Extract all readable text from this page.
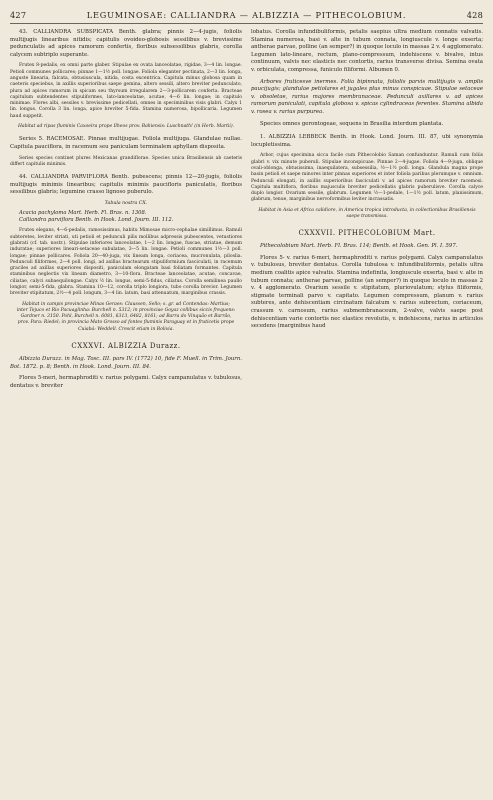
427	LEGUMINOSAE: CALLIANDRA — ALBIZZIA — PITHECOLOBIUM.	428

43. CALLIANDRA SUBSPICATA Benth. glabra; pinnis 2—4-jugis, foliolis multijugis linearibus nitidis; capitulis ovoideo-globosis sessilibus v. brevissime pedunculatis ad apices ramorum confertis, floribus subsessilibus glabris, corolla calycem subtriplo superante.

Frutex 8-pedalis, ex omni parte glaber. Stipulae ex ovata lanceolatae, rigidae, 3—4 lin. longae. Petioli communes pollicares; pinnae 1—1½ poll. longae. Foliola eleganter pectinata, 2—3 lin. longa, anguste linearia, falcata, obtusiuscula, nitida, costa excentrica. Capitula minus globosa quam in caeteris speciebus, in axillis superioribus saepe gemina, altero sessili, altero breviter pedunculato, plura ad apices ramorum in spicam seu thyrsum irregularem 2—3-pollicarem conferta. Bracteae capitulum subtendentes stipuliformes, lato-lanceolatae, acutae, 4—6 lin. longae; in capitulo minimae. Flores albi, sessiles v. brevissime pedicellati, omnes in speciminibus visis glabri. Calyx 1 lin. longus. Corolla 3 lin. longa, apice breviter 5-fida. Stamina numerosa, bipollicaria. Legumen haud suppetit.

Habitat ad ripas fluminis Caxoeira prope Ilheos prov. Bahiensis: Luschnath! (in Herb. Martii).

Series 5. RACEMOSAE. Pinnae multijugae. Foliola multijuga. Glandulae nullae. Capitula pauciflora, in racemum seu paniculam terminalem aphyllam disposita.

Series species continet plures Mexicanas grandiflorae. Species unica Brasiliensis ab caeteris differt capitulis minimis.

44. CALLIANDRA PARVIFLORA Benth. pubescens; pinnis 12—20-jugis, foliolis multijugis minimis linearibus; capitulis minimis paucifloris paniculatis, floribus sessilibus glabris; legumine crasso lignoso puberulo.

Tabula nostra CX.

Acacia pachyloma Mart. Herb. Fl. Bras. n. 1308.

Calliandra parviflora Benth. in Hook. Lond. Journ. III. 112.

Frutex elegans, 4—6-pedalis, ramosissimus, habitu Mimosae micro-cephalae simillimus. Ramuli subteretes, leviter striati, uti petioli et pedunculi pilis mollibus adpressis pubescentes, vetustiores glabrati (cf. tab. nostr.). Stipulae inferiores lanceolatae, 1—2 lin. longae, fuscae, striatae, demum induratae; superiores lineari-setaceae subulatae, 3—5 lin. longae. Petioli communes 1½—3 poll. longae; pinnae pollicares. Foliola 20—40-juga, vix lineam longa, coriacea, mucronulata, piloslia. Pedunculi filiformes, 2—4 poll. longi, ad axillas bractearum stipuliformium fasciculati, in racemum graciles ad axillas superiores dispositi, paniculam elongatam basi foliatam formantes. Capitula staminibus neglectis vix lineam diametro, 3—10-flora. Bracteae lanceolatae, acutae, concavae, ciliatae, calyci subaequilongae. Calyx ½ lin. longus, semi-5-fidus, ciliatus. Corolla semilinea paullo longior, semi-5-fida, glabra. Stamina 10—12, corolla triplo longiora, tubo corolla brevior. Legumen breviter stipitatum, 2½—4 poll. longum, 3—4 lin. latum, basi attenuatum, marginibus crassis.

Habitat in campis provinciae Minas Geraes: Claussen, Sello; s. gr. ad Contendas: Martius; inter Tejuco et Rio Pacuaglinha: Burchell n. 5312; in provinciae Goyaz collibus siccis frequens: Gardner n. 3150. Pohl, Burchell n. 6081, 6313, 6482, 8161; ad Barra do Vinquão et Barrão, prov. Para: Riedel; in provincia Mato Grosso ad fontes fluminis Paraguay et in fruticetis prope Cuiabá: Weddell. Crescit etiam in Bolivia.

CXXXVI. ALBIZZIA Durazz.

Albizzia Durazz. in Mag. Tosc. III. pars IV. (1772) 10, fide F. Muell. in Trim. Journ. Bot. 1872. p. 8; Benth. in Hook. Lond. Journ. III. 84.

Flores 5-meri, hermaphroditi v. rarius polygami. Calyx campanulatus v. tubulosus, dentatus v. breviter

lobatus. Corolla infundibuliformis, petalis saepius ultra medium connatis valvatis. Stamina numerosa, basi v. alte in tubum connata, longiuscule v. longe exserta; antherae parvae, polline (an semper?) in quoque loculo in massas 2 v. 4 agglomerato. Legumen lato-lineare, rectum, plano-compressum, indehiscens v. bivalve, intus continuum, valvis nec elasticis nec contortis, rarius transverse divisa. Semina ovata v. orbiculata, compressa, funiculo filiformi. Albumen 0.

Arbores fruticesve inermes. Folia bipinnata, foliolis parvis multijugis v. amplis paucijugis; glandulae petiolares et jugales plus minus conspicuae. Stipulae setaceae v. obsoletae, rarius majores membranaceae. Pedunculi axillares v. ad apices ramorum paniculati, capitula globosa v. spicas cylindraceas ferentes. Stamina albida v. rosea v. rarius purpurea.

Species omnes gerontogeae, sequens in Brasilia interdum plantata.

1. ALBIZZIA LEBBECK Benth. in Hook. Lond. Journ. III. 87, ubi synonymia locupletissima.

Arbor, cujus specimina sicca facile cum Pithecolobio Saman confunduntur. Ramuli cum foliis glabri v. vix minute puberuli. Stipulae inconspicuae. Pinnae 2—4-jugae. Foliola 4—9-juga, oblique ovali-oblonga, obtusissima, inaequilatera, subsessilia, ½—1½ poll. longa. Glandula magna prope basin petioli et saepe minores inter pinnas superiores et inter foliola paribus plerumque v. omnium. Pedunculi elongati, in axillis superioribus fasciculati v. ad apices ramorum breviter racemosi. Capitula multiflora, floribus majusculis breviter pedicellatis glabris puberulisve. Corolla calyce duplo longior. Ovarium sessile, glabrum. Legumen ½—1-pedale, 1—1½ poll. latum, planissimum, glabrum, tenue, marginibus nervoformibus leviter incrassatis.

Habitat in Asia et Africa calidiore, in America tropica introducta, in collectionibus Brasiliensis saepe transmissa.

CXXXVII. PITHECOLOBIUM Mart.

Pithecolobium Mart. Herb. Fl. Bras. 114; Benth. et Hook. Gen. Pl. I. 597.

Flores 5- v. rarius 6-meri, hermaphroditi v. rarius polygami. Calyx campanulatus v. tubulosus, breviter dentatus. Corolla tubulosa v. infundibuliformis, petalis ultra medium coalitis apice valvatis. Stamina indefinita, longiuscule exserta, basi v. alte in tubum connata; antherae parvae, polline (an semper?) in quoque loculo in massas 2 v. 4 agglomerato. Ovarium sessile v. stipitatum, pluriovulatum; stylus filiformis, stigmate terminali parvo v. capitato. Legumen compressum, planum v. rarius subteres, ante dehiscentiam circinatum falcatum v. rarius subrectum, coriaceum, crassum v. carnosum, rarius submembranaceum, 2-valve, valvis saepe post dehiscentiam varie contortis nec elastice revolutis, v. indehiscens, rarius in articulos secedens (marginibus haud
